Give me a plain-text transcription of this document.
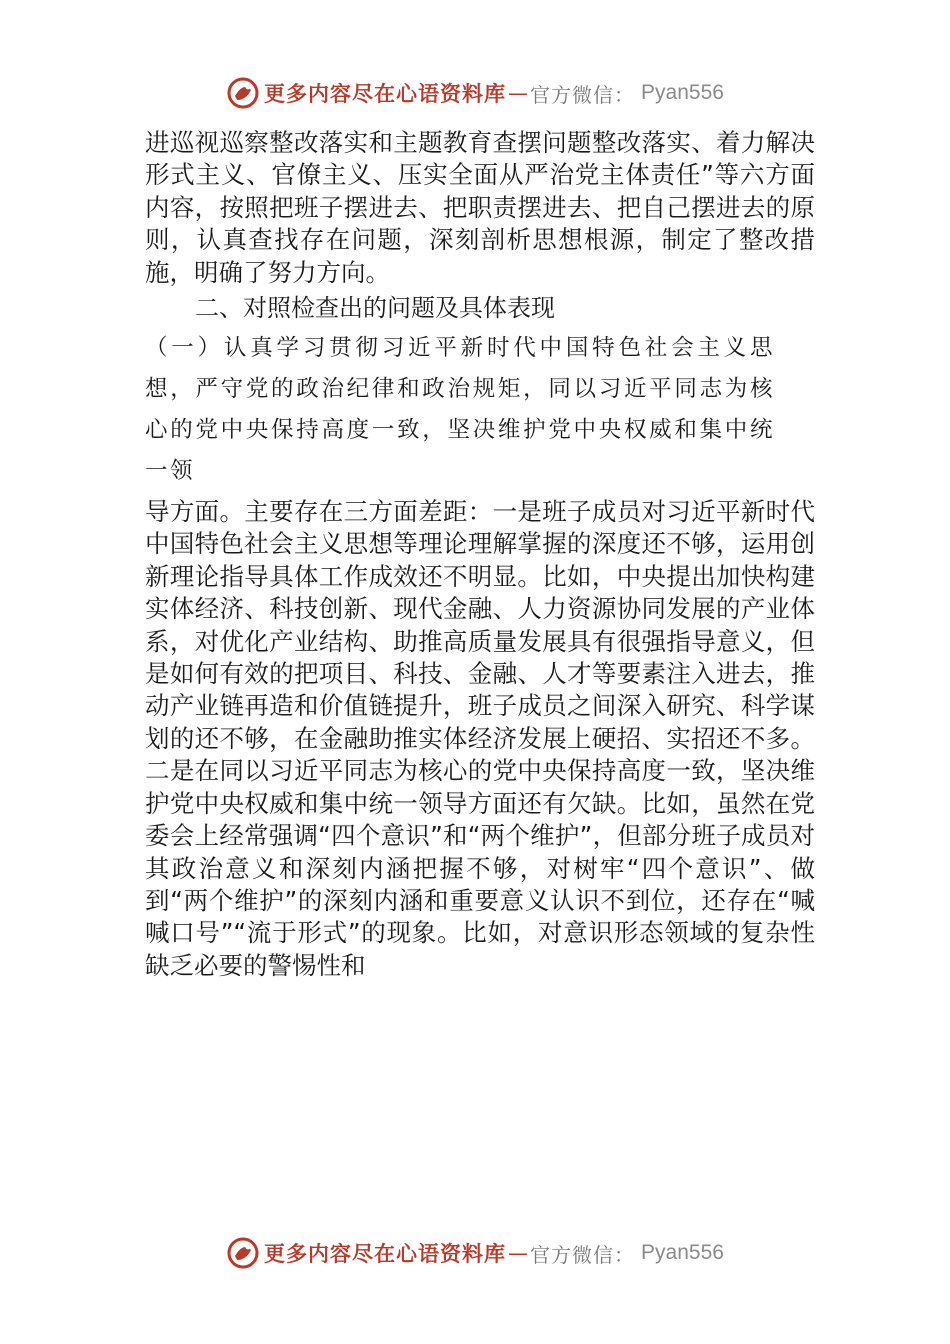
更多内容尽在心语资料库 — 官方微信： Pyan556

进巡视巡察整改落实和主题教育查摆问题整改落实、着力解决形式主义、官僚主义、压实全面从严治党主体责任”等六方面内容，按照把班子摆进去、把职责摆进去、把自己摆进去的原则，认真查找存在问题，深刻剖析思想根源，制定了整改措施，明确了努力方向。

二、对照检查出的问题及具体表现

（一）认真学习贯彻习近平新时代中国特色社会主义思想，严守党的政治纪律和政治规矩，同以习近平同志为核心的党中央保持高度一致，坚决维护党中央权威和集中统一领

导方面。主要存在三方面差距：一是班子成员对习近平新时代中国特色社会主义思想等理论理解掌握的深度还不够，运用创新理论指导具体工作成效还不明显。比如，中央提出加快构建实体经济、科技创新、现代金融、人力资源协同发展的产业体系，对优化产业结构、助推高质量发展具有很强指导意义，但是如何有效的把项目、科技、金融、人才等要素注入进去，推动产业链再造和价值链提升，班子成员之间深入研究、科学谋划的还不够，在金融助推实体经济发展上硬招、实招还不多。二是在同以习近平同志为核心的党中央保持高度一致，坚决维护党中央权威和集中统一领导方面还有欠缺。比如，虽然在党委会上经常强调“四个意识”和“两个维护”，但部分班子成员对其政治意义和深刻内涵把握不够，对树牢“四个意识”、做到“两个维护”的深刻内涵和重要意义认识不到位，还存在“喊喊口号”“流于形式”的现象。比如，对意识形态领域的复杂性缺乏必要的警惕性和

更多内容尽在心语资料库 — 官方微信： Pyan556
